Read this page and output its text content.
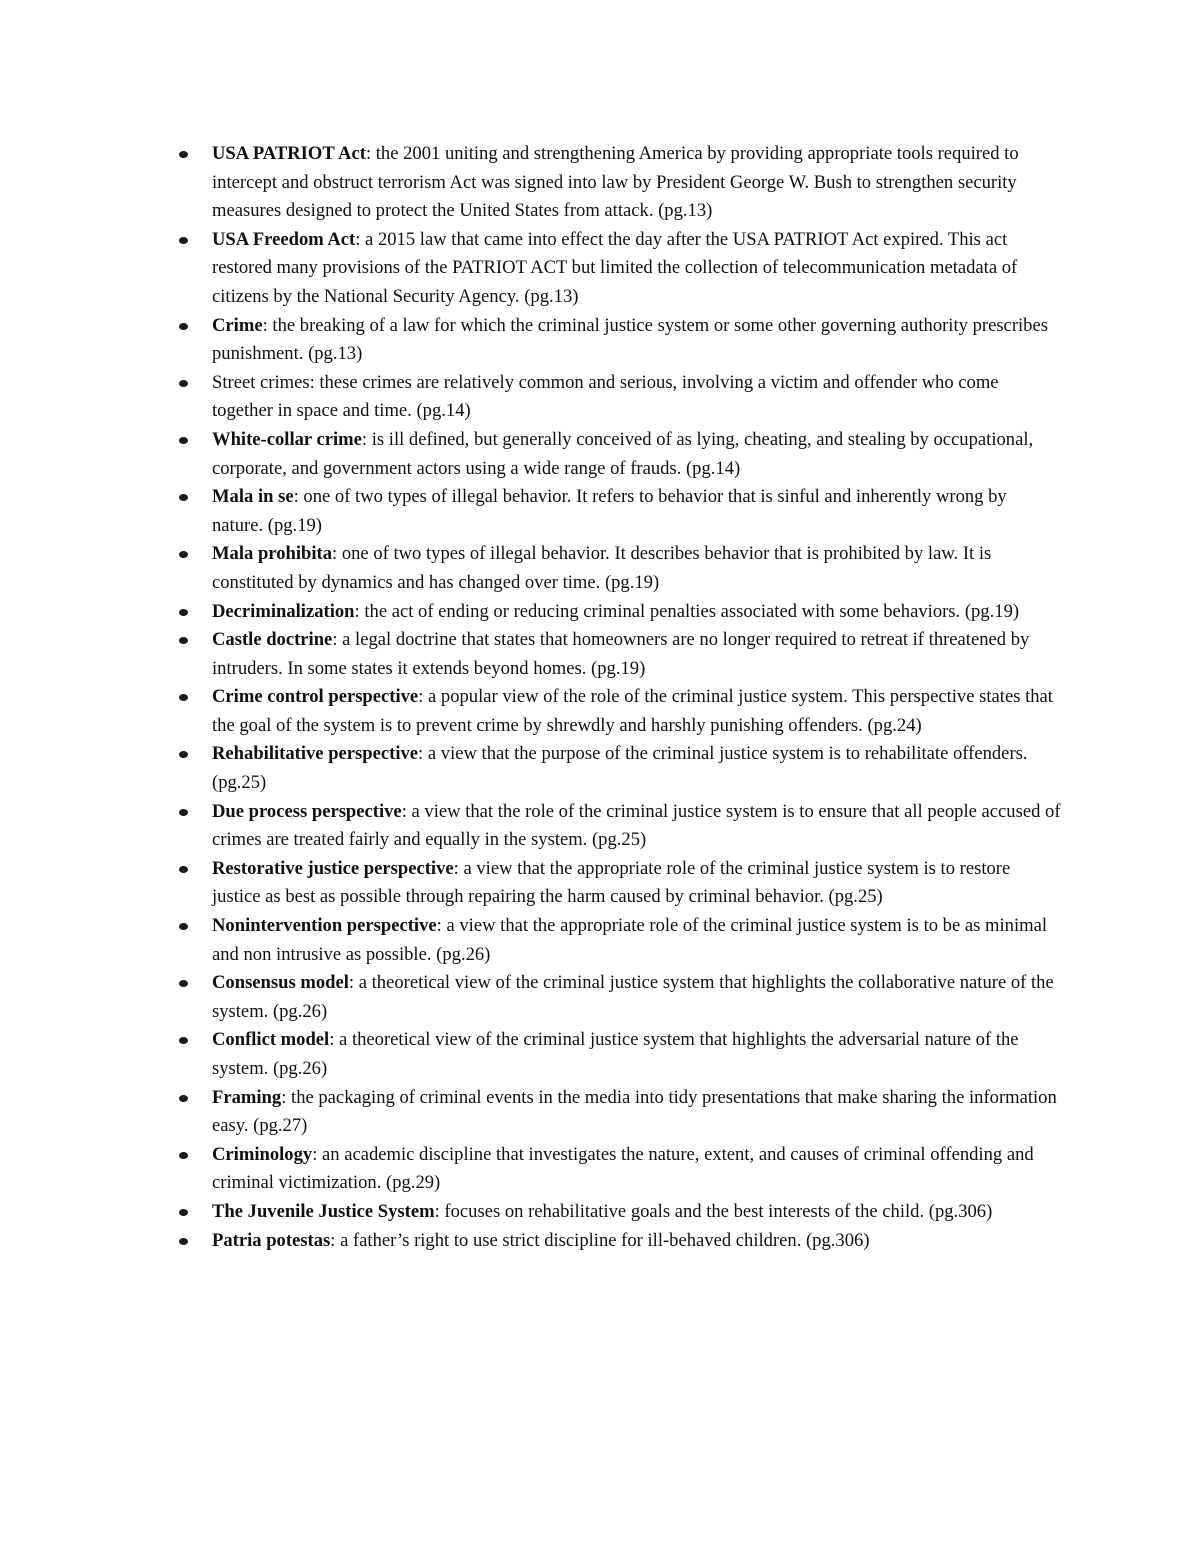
USA PATRIOT Act: the 2001 uniting and strengthening America by providing appropriate tools required to intercept and obstruct terrorism Act was signed into law by President George W. Bush to strengthen security measures designed to protect the United States from attack. (pg.13)
USA Freedom Act: a 2015 law that came into effect the day after the USA PATRIOT Act expired. This act restored many provisions of the PATRIOT ACT but limited the collection of telecommunication metadata of citizens by the National Security Agency. (pg.13)
Crime: the breaking of a law for which the criminal justice system or some other governing authority prescribes punishment. (pg.13)
Street crimes: these crimes are relatively common and serious, involving a victim and offender who come together in space and time. (pg.14)
White-collar crime: is ill defined, but generally conceived of as lying, cheating, and stealing by occupational, corporate, and government actors using a wide range of frauds. (pg.14)
Mala in se: one of two types of illegal behavior. It refers to behavior that is sinful and inherently wrong by nature. (pg.19)
Mala prohibita: one of two types of illegal behavior. It describes behavior that is prohibited by law. It is constituted by dynamics and has changed over time. (pg.19)
Decriminalization: the act of ending or reducing criminal penalties associated with some behaviors. (pg.19)
Castle doctrine: a legal doctrine that states that homeowners are no longer required to retreat if threatened by intruders. In some states it extends beyond homes. (pg.19)
Crime control perspective: a popular view of the role of the criminal justice system. This perspective states that the goal of the system is to prevent crime by shrewdly and harshly punishing offenders. (pg.24)
Rehabilitative perspective: a view that the purpose of the criminal justice system is to rehabilitate offenders. (pg.25)
Due process perspective: a view that the role of the criminal justice system is to ensure that all people accused of crimes are treated fairly and equally in the system. (pg.25)
Restorative justice perspective: a view that the appropriate role of the criminal justice system is to restore justice as best as possible through repairing the harm caused by criminal behavior. (pg.25)
Nonintervention perspective: a view that the appropriate role of the criminal justice system is to be as minimal and non intrusive as possible. (pg.26)
Consensus model: a theoretical view of the criminal justice system that highlights the collaborative nature of the system. (pg.26)
Conflict model: a theoretical view of the criminal justice system that highlights the adversarial nature of the system. (pg.26)
Framing: the packaging of criminal events in the media into tidy presentations that make sharing the information easy. (pg.27)
Criminology: an academic discipline that investigates the nature, extent, and causes of criminal offending and criminal victimization. (pg.29)
The Juvenile Justice System: focuses on rehabilitative goals and the best interests of the child. (pg.306)
Patria potestas: a father’s right to use strict discipline for ill-behaved children. (pg.306)
